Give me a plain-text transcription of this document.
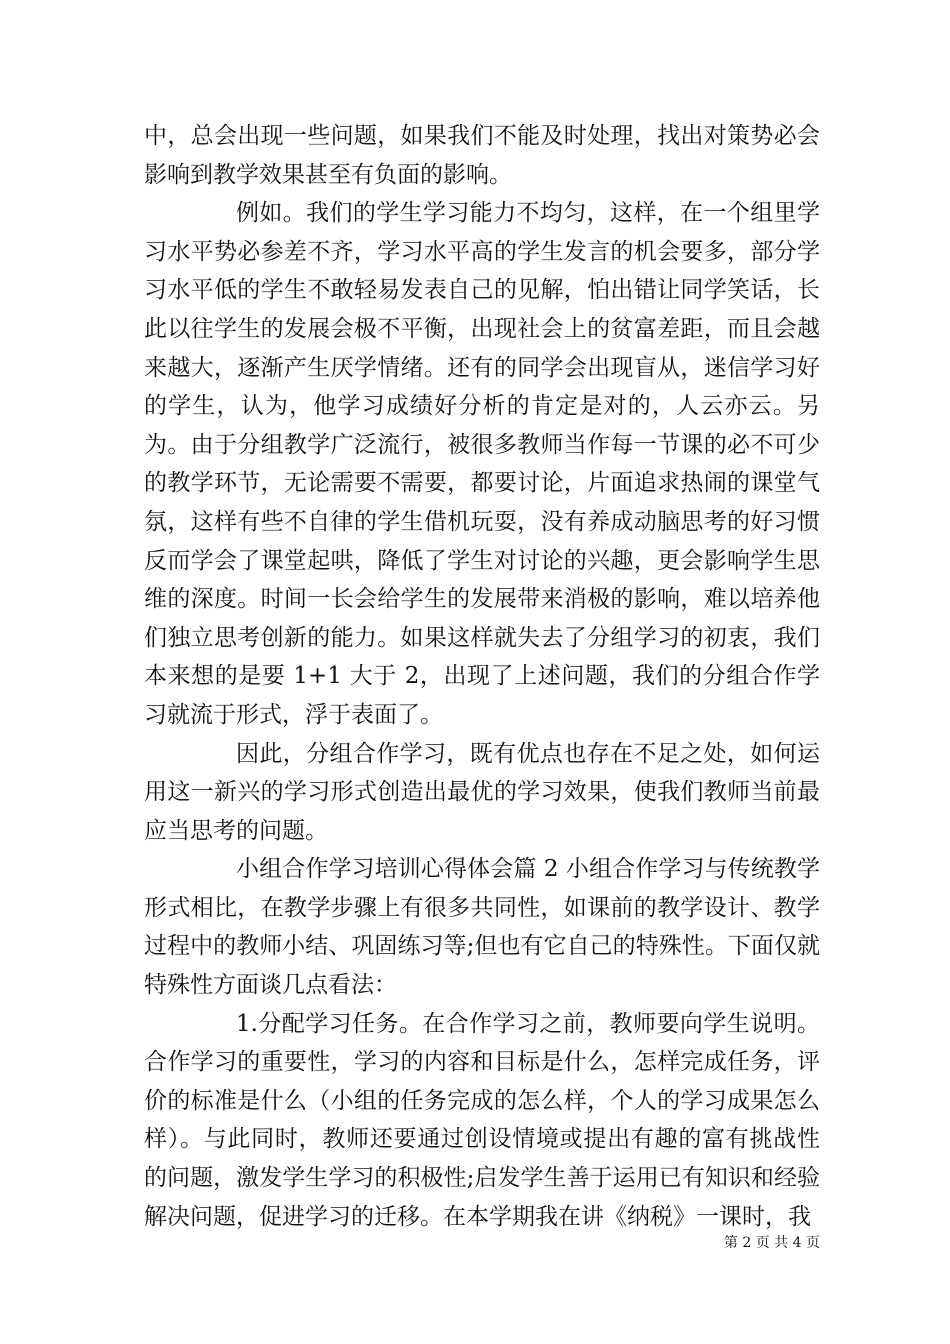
中，总会出现一些问题，如果我们不能及时处理，找出对策势必会影响到教学效果甚至有负面的影响。

例如。我们的学生学习能力不均匀，这样，在一个组里学习水平势必参差不齐，学习水平高的学生发言的机会要多，部分学习水平低的学生不敢轻易发表自己的见解，怕出错让同学笑话，长此以往学生的发展会极不平衡，出现社会上的贫富差距，而且会越来越大，逐渐产生厌学情绪。还有的同学会出现盲从，迷信学习好的学生，认为，他学习成绩好分析的肯定是对的，人云亦云。另为。由于分组教学广泛流行，被很多教师当作每一节课的必不可少的教学环节，无论需要不需要，都要讨论，片面追求热闹的课堂气氛，这样有些不自律的学生借机玩耍，没有养成动脑思考的好习惯反而学会了课堂起哄，降低了学生对讨论的兴趣，更会影响学生思维的深度。时间一长会给学生的发展带来消极的影响，难以培养他们独立思考创新的能力。如果这样就失去了分组学习的初衷，我们本来想的是要 1+1 大于 2，出现了上述问题，我们的分组合作学习就流于形式，浮于表面了。

因此，分组合作学习，既有优点也存在不足之处，如何运用这一新兴的学习形式创造出最优的学习效果，使我们教师当前最应当思考的问题。

小组合作学习培训心得体会篇 2 小组合作学习与传统教学形式相比，在教学步骤上有很多共同性，如课前的教学设计、教学过程中的教师小结、巩固练习等;但也有它自己的特殊性。下面仅就特殊性方面谈几点看法：

1.分配学习任务。在合作学习之前，教师要向学生说明。合作学习的重要性，学习的内容和目标是什么，怎样完成任务，评价的标准是什么（小组的任务完成的怎么样，个人的学习成果怎么样）。与此同时，教师还要通过创设情境或提出有趣的富有挑战性的问题，激发学生学习的积极性;启发学生善于运用已有知识和经验解决问题，促进学习的迁移。在本学期我在讲《纳税》一课时，我

第 2 页 共 4 页
